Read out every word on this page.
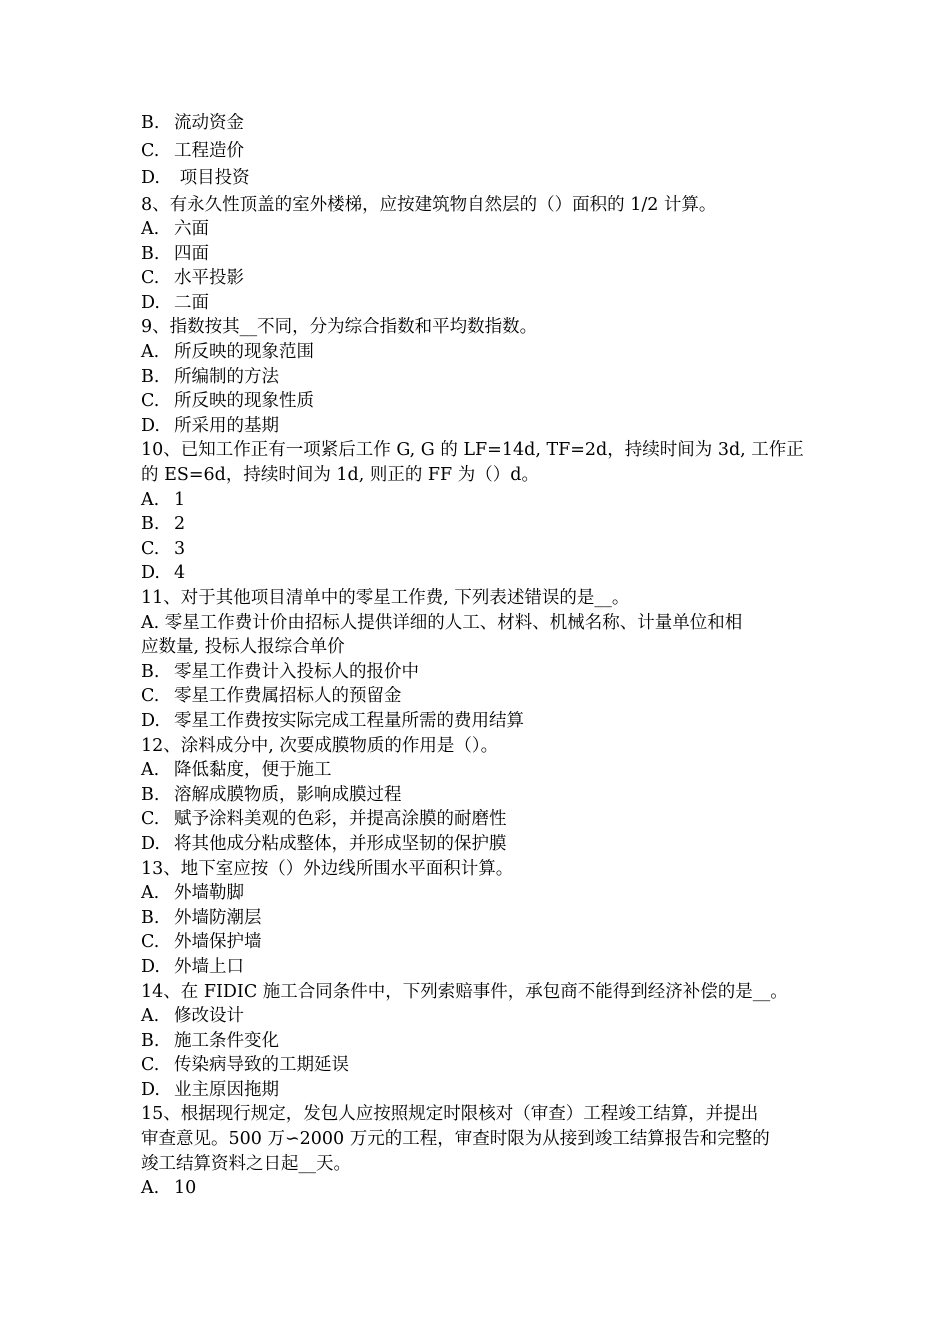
B. 流动资金
C. 工程造价
D. 项目投资
8、有永久性顶盖的室外楼梯，应按建筑物自然层的（）面积的 1/2 计算。
A. 六面
B. 四面
C. 水平投影
D. 二面
9、指数按其__不同，分为综合指数和平均数指数。
A. 所反映的现象范围
B. 所编制的方法
C. 所反映的现象性质
D. 所采用的基期
10、已知工作正有一项紧后工作 G, G 的 LF=14d, TF=2d，持续时间为 3d, 工作正
的 ES=6d，持续时间为 1d, 则正的 FF 为（）d。
A. 1
B. 2
C. 3
D. 4
11、对于其他项目清单中的零星工作费, 下列表述错误的是__。
A. 零星工作费计价由招标人提供详细的人工、材料、机械名称、计量单位和相
应数量, 投标人报综合单价
B. 零星工作费计入投标人的报价中
C. 零星工作费属招标人的预留金
D. 零星工作费按实际完成工程量所需的费用结算
12、涂料成分中, 次要成膜物质的作用是（）。
A. 降低黏度，便于施工
B. 溶解成膜物质，影响成膜过程
C. 赋予涂料美观的色彩，并提高涂膜的耐磨性
D. 将其他成分粘成整体，并形成坚韧的保护膜
13、地下室应按（）外边线所围水平面积计算。
A. 外墙勒脚
B. 外墙防潮层
C. 外墙保护墙
D. 外墙上口
14、在 FIDIC 施工合同条件中，下列索赔事件，承包商不能得到经济补偿的是__。
A. 修改设计
B. 施工条件变化
C. 传染病导致的工期延误
D. 业主原因拖期
15、根据现行规定，发包人应按照规定时限核对（审查）工程竣工结算，并提出
审查意见。500 万∽2000 万元的工程，审查时限为从接到竣工结算报告和完整的
竣工结算资料之日起__天。
A. 10
